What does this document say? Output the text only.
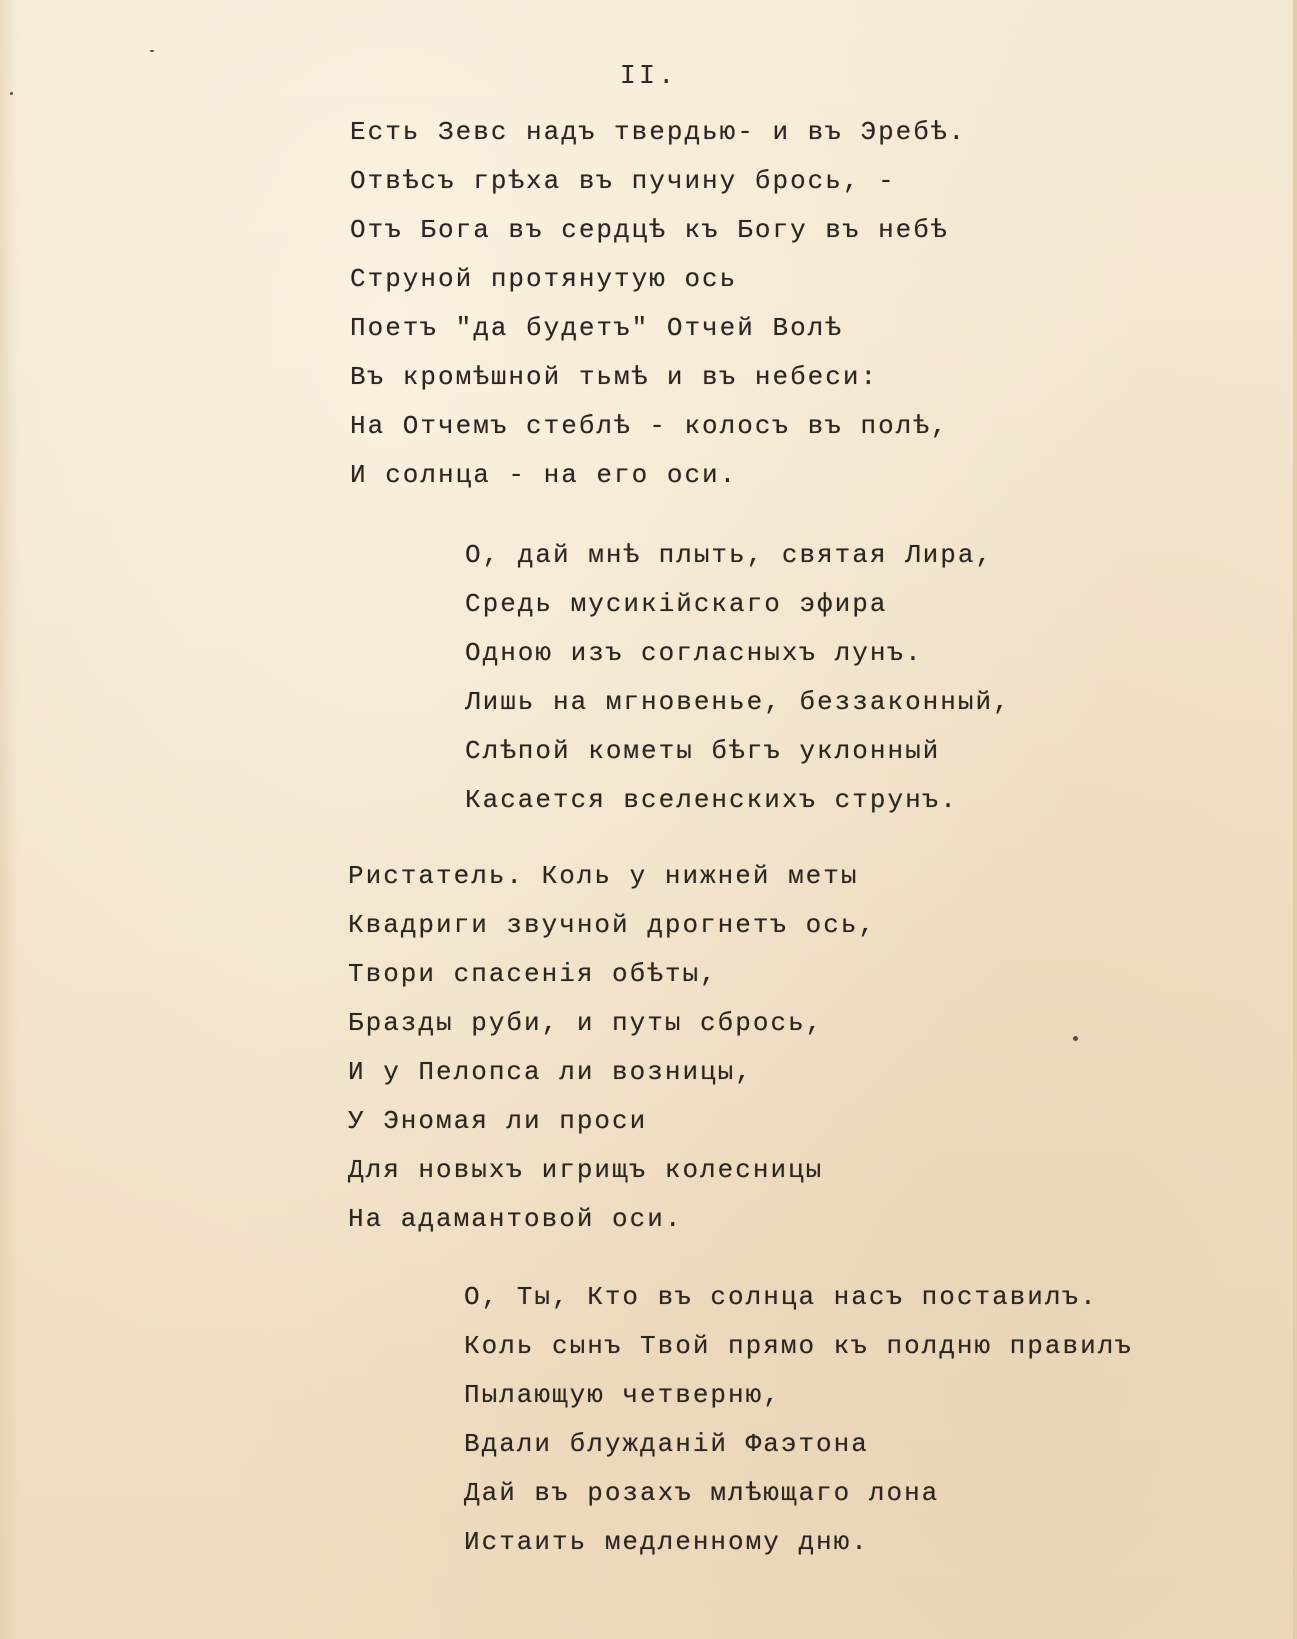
II.
Есть Зевс надъ твердью- и въ Эребѣ.
Отвѣсъ грѣха въ пучину брось, -
Отъ Бога въ сердцѣ къ Богу въ небѣ
Струной протянутую ось
Поетъ "да будетъ" Отчей Волѣ
Въ кромѣшной тьмѣ и въ небеси:
На Отчемъ стеблѣ - колосъ въ полѣ,
И солнца - на его оси.
О, дай мнѣ плыть, святая Лира,
Средь мусикійскаго эфира
Одною изъ согласныхъ лунъ.
Лишь на мгновенье, беззаконный,
Слѣпой кометы бѣгъ уклонный
Касается вселенскихъ струнъ.
Ристатель. Коль у нижней меты
Квадриги звучной дрогнетъ ось,
Твори спасенія обѣты,
Бразды руби, и путы сбрось,
И у Пелопса ли возницы,
У Эномая ли проси
Для новыхъ игрищъ колесницы
На адамантовой оси.
О, Ты, Кто въ солнца насъ поставилъ.
Коль сынъ Твой прямо къ полдню правилъ
Пылающую четверню,
Вдали блужданій Фаэтона
Дай въ розахъ млѣющаго лона
Истаить медленному дню.
